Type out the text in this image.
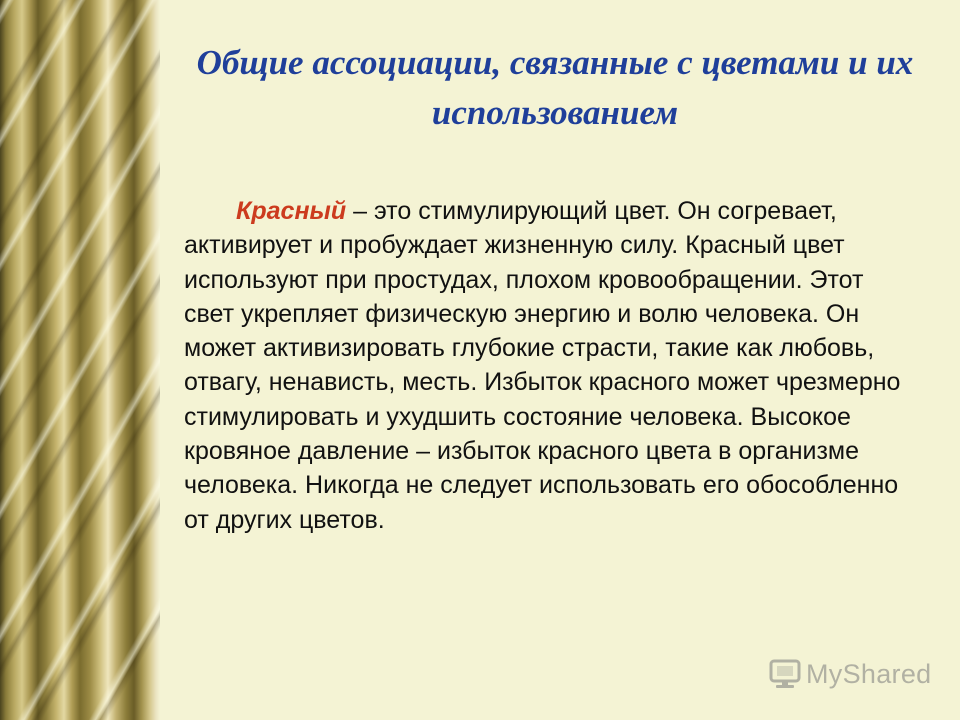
Общие ассоциации, связанные с цветами и их использованием

Красный – это стимулирующий цвет. Он согревает, активирует и пробуждает жизненную силу. Красный цвет используют при простудах, плохом кровообращении. Этот свет укрепляет физическую энергию и волю человека. Он может активизировать глубокие страсти, такие как любовь, отвагу, ненависть, месть. Избыток красного может чрезмерно стимулировать и ухудшить состояние человека. Высокое кровяное давление – избыток красного цвета в организме человека. Никогда не следует использовать его обособленно от других цветов.

MyShared
